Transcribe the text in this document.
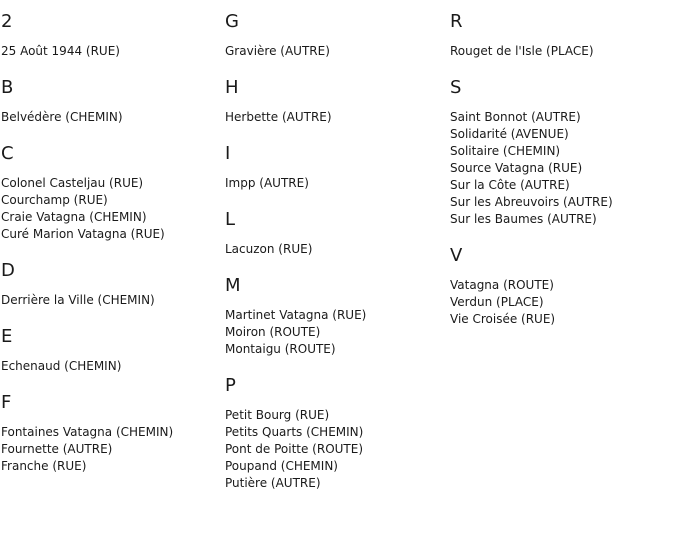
2
25 Août 1944 (RUE)
B
Belvédère (CHEMIN)
C
Colonel Casteljau (RUE)
Courchamp (RUE)
Craie Vatagna (CHEMIN)
Curé Marion Vatagna (RUE)
D
Derrière la Ville (CHEMIN)
E
Echenaud (CHEMIN)
F
Fontaines Vatagna (CHEMIN)
Fournette (AUTRE)
Franche (RUE)
G
Gravière (AUTRE)
H
Herbette (AUTRE)
I
Impp (AUTRE)
L
Lacuzon (RUE)
M
Martinet Vatagna (RUE)
Moiron (ROUTE)
Montaigu (ROUTE)
P
Petit Bourg (RUE)
Petits Quarts (CHEMIN)
Pont de Poitte (ROUTE)
Poupand (CHEMIN)
Putière (AUTRE)
R
Rouget de l'Isle (PLACE)
S
Saint Bonnot (AUTRE)
Solidarité (AVENUE)
Solitaire (CHEMIN)
Source Vatagna (RUE)
Sur la Côte (AUTRE)
Sur les Abreuvoirs (AUTRE)
Sur les Baumes (AUTRE)
V
Vatagna (ROUTE)
Verdun (PLACE)
Vie Croisée (RUE)
